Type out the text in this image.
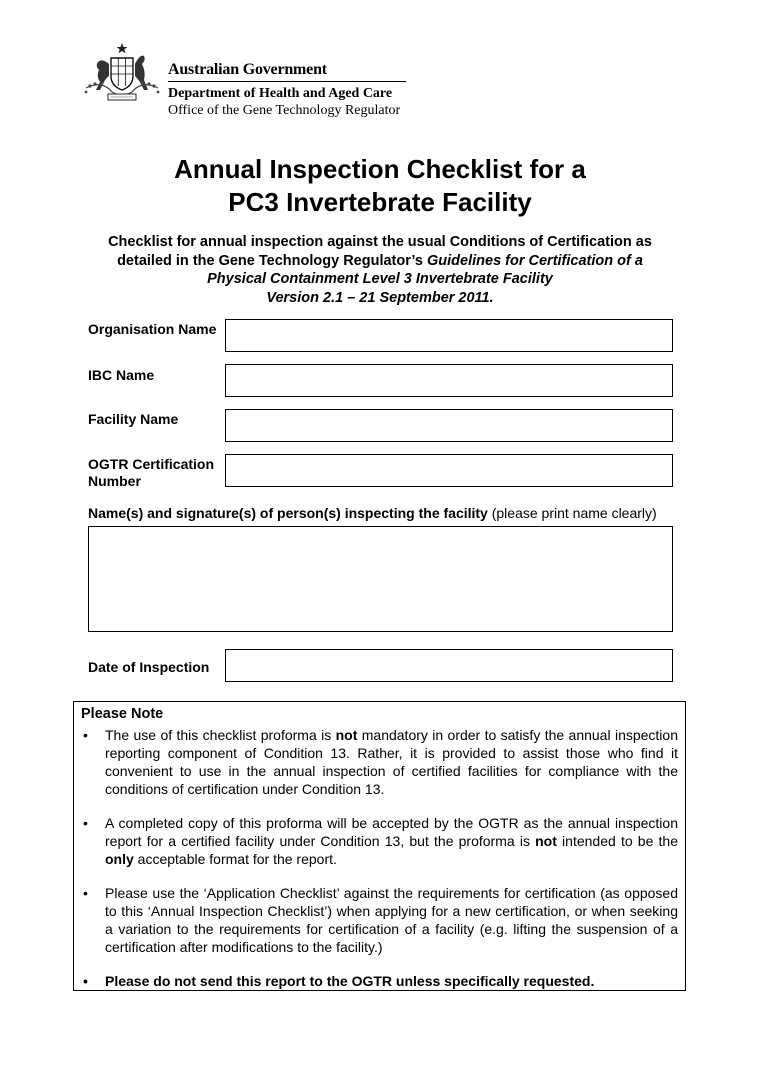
Australian Government
Department of Health and Aged Care
Office of the Gene Technology Regulator
Annual Inspection Checklist for a
PC3 Invertebrate Facility
Checklist for annual inspection against the usual Conditions of Certification as
detailed in the Gene Technology Regulator’s Guidelines for Certification of a
Physical Containment Level 3 Invertebrate Facility
Version 2.1 – 21 September 2011.
Organisation Name
IBC Name
Facility Name
OGTR Certification
Number
Name(s) and signature(s) of person(s) inspecting the facility (please print name clearly)
Date of Inspection
Please Note
• The use of this checklist proforma is not mandatory in order to satisfy the annual inspection reporting component of Condition 13. Rather, it is provided to assist those who find it convenient to use in the annual inspection of certified facilities for compliance with the conditions of certification under Condition 13.
• A completed copy of this proforma will be accepted by the OGTR as the annual inspection report for a certified facility under Condition 13, but the proforma is not intended to be the only acceptable format for the report.
• Please use the ‘Application Checklist’ against the requirements for certification (as opposed to this ‘Annual Inspection Checklist’) when applying for a new certification, or when seeking a variation to the requirements for certification of a facility (e.g. lifting the suspension of a certification after modifications to the facility.)
• Please do not send this report to the OGTR unless specifically requested.
